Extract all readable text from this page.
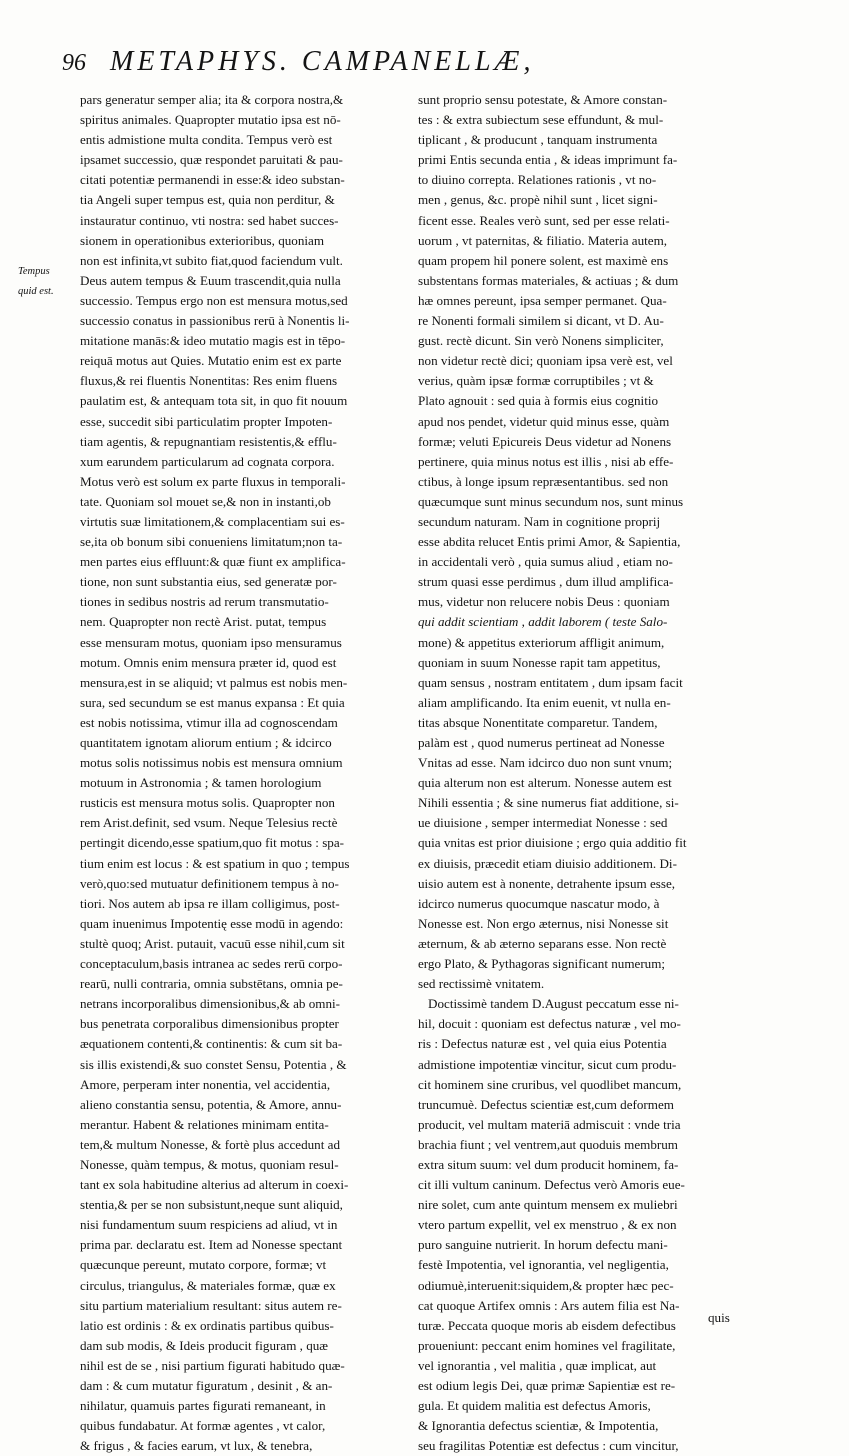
96 METAPHYS. CAMPANELLÆ,
Tempus
quid est.
pars generatur semper alia; ita & corpora nostra,&
spiritus animales. Quapropter mutatio ipsa est nō-
entis admistione multa condita. Tempus verò est
ipsamet successio, quæ respondet paruitati & pau-
citati potentiæ permanendi in esse:& ideo substan-
tia Angeli super tempus est, quia non perditur, &
instauratur continuo, vti nostra: sed habet succes-
sionem in operationibus exterioribus, quoniam
non est infinita,vt subito fiat,quod faciendum vult.
Deus autem tempus & Euum trascendit,quia nulla
successio. Tempus ergo non est mensura motus,sed
successio conatus in passionibus rerū à Nonentis li-
mitatione manās:& ideo mutatio magis est in tēpo-
reiquā motus aut Quies. Mutatio enim est ex parte
fluxus,& rei fluentis Nonentitas: Res enim fluens
paulatim est, & antequam tota sit, in quo fit nouum
esse, succedit sibi particulatim propter Impoten-
tiam agentis, & repugnantiam resistentis,& efflu-
xum earundem particularum ad cognata corpora.
Motus verò est solum ex parte fluxus in temporali-
tate. Quoniam sol mouet se,& non in instanti,ob
virtutis suæ limitationem,& complacentiam sui es-
se,ita ob bonum sibi conueniens limitatum;non ta-
men partes eius effluunt:& quæ fiunt ex amplifica-
tione, non sunt substantia eius, sed generatæ por-
tiones in sedibus nostris ad rerum transmutatio-
nem. Quapropter non rectè Arist. putat, tempus
esse mensuram motus, quoniam ipso mensuramus
motum. Omnis enim mensura præter id, quod est
mensura,est in se aliquid; vt palmus est nobis men-
sura, sed secundum se est manus expansa : Et quia
est nobis notissima, vtimur illa ad cognoscendam
quantitatem ignotam aliorum entium ; & idcirco
motus solis notissimus nobis est mensura omnium
motuum in Astronomia ; & tamen horologium
rusticis est mensura motus solis. Quapropter non
rem Arist.definit, sed vsum. Neque Telesius rectè
pertingit dicendo,esse spatium,quo fit motus : spa-
tium enim est locus : & est spatium in quo ; tempus
verò,quo:sed mutuatur definitionem tempus à no-
tiori. Nos autem ab ipsa re illam colligimus, post-
quam inuenimus Impotentię esse modū in agendo:
stultè quoq; Arist. putauit, vacuū esse nihil,cum sit
conceptaculum,basis intranea ac sedes rerū corpo-
rearū, nulli contraria, omnia substētans, omnia pe-
netrans incorporalibus dimensionibus,& ab omni-
bus penetrata corporalibus dimensionibus propter
æquationem contenti,& continentis: & cum sit ba-
sis illis existendi,& suo constet Sensu, Potentia , &
Amore, perperam inter nonentia, vel accidentia,
alieno constantia sensu, potentia, & Amore, annu-
merantur. Habent & relationes minimam entita-
tem,& multum Nonesse, & fortè plus accedunt ad
Nonesse, quàm tempus, & motus, quoniam resul-
tant ex sola habitudine alterius ad alterum in coexi-
stentia,& per se non subsistunt,neque sunt aliquid,
nisi fundamentum suum respiciens ad aliud, vt in
prima par. declaratu est. Item ad Nonesse spectant
quæcunque pereunt, mutato corpore, formæ; vt
circulus, triangulus, & materiales formæ, quæ ex
situ partium materialium resultant: situs autem re-
latio est ordinis : & ex ordinatis partibus quibus-
dam sub modis, & Ideis producit figuram , quæ
nihil est de se , nisi partium figurati habitudo quæ-
dam : & cum mutatur figuratum , desinit , & an-
nihilatur, quamuis partes figurati remaneant, in
quibus fundabatur. At formæ agentes , vt calor,
& frigus , & facies earum, vt lux, & tenebra,
sunt proprio sensu potestate, & Amore constan-
tes : & extra subiectum sese effundunt, & mul-
tiplicant , & producunt , tanquam instrumenta
primi Entis secunda entia , & ideas imprimunt fa-
to diuino correpta. Relationes rationis , vt no-
men , genus, &c. propè nihil sunt , licet signi-
ficent esse. Reales verò sunt, sed per esse relati-
uorum , vt paternitas, & filiatio. Materia autem,
quam propem hil ponere solent, est maximè ens
substentans formas materiales, & actiuas ; & dum
hæ omnes pereunt, ipsa semper permanet. Qua-
re Nonenti formali similem si dicant, vt D. Au-
gust. rectè dicunt. Sin verò Nonens simpliciter,
non videtur rectè dici; quoniam ipsa verè est, vel
verius, quàm ipsæ formæ corruptibiles ; vt &
Plato agnouit : sed quia à formis eius cognitio
apud nos pendet, videtur quid minus esse, quàm
formæ; veluti Epicureis Deus videtur ad Nonens
pertinere, quia minus notus est illis , nisi ab effe-
ctibus, à longe ipsum repræsentantibus. sed non
quæcumque sunt minus secundum nos, sunt minus
secundum naturam. Nam in cognitione proprij
esse abdita relucet Entis primi Amor, & Sapientia,
in accidentali verò , quia sumus aliud , etiam no-
strum quasi esse perdimus , dum illud amplifica-
mus, videtur non relucere nobis Deus : quoniam
qui addit scientiam , addit laborem ( teste Salo-
mone) & appetitus exteriorum affligit animum,
quoniam in suum Nonesse rapit tam appetitus,
quam sensus , nostram entitatem , dum ipsam facit
aliam amplificando. Ita enim euenit, vt nulla en-
titas absque Nonentitate comparetur. Tandem,
palàm est , quod numerus pertineat ad Nonesse
Vnitas ad esse. Nam idcirco duo non sunt vnum;
quia alterum non est alterum. Nonesse autem est
Nihili essentia ; & sine numerus fiat additione, si-
ue diuisione , semper intermediat Nonesse : sed
quia vnitas est prior diuisione ; ergo quia additio fit
ex diuisis, præcedit etiam diuisio additionem. Di-
uisio autem est à nonente, detrahente ipsum esse,
idcirco numerus quocumque nascatur modo, à
Nonesse est. Non ergo æternus, nisi Nonesse sit
æternum, & ab æterno separans esse. Non rectè
ergo Plato, & Pythagoras significant numerum;
sed rectissimè vnitatem.
Doctissimè tandem D.August peccatum esse ni-
hil, docuit : quoniam est defectus naturæ , vel mo-
ris : Defectus naturæ est , vel quia eius Potentia
admistione impotentiæ vincitur, sicut cum produ-
cit hominem sine cruribus, vel quodlibet mancum,
truncumuè. Defectus scientiæ est,cum deformem
producit, vel multam materiā admiscuit : vnde tria
brachia fiunt ; vel ventrem,aut quoduis membrum
extra situm suum: vel dum producit hominem, fa-
cit illi vultum caninum. Defectus verò Amoris eue-
nire solet, cum ante quintum mensem ex muliebri
vtero partum expellit, vel ex menstruo , & ex non
puro sanguine nutrierit. In horum defectu mani-
festè Impotentia, vel ignorantia, vel negligentia,
odiumuè,interuenit:siquidem,& propter hæc pec-
cat quoque Artifex omnis : Ars autem filia est Na-
turæ. Peccata quoque moris ab eisdem defectibus
proueniunt: peccant enim homines vel fragilitate,
vel ignorantia , vel malitia , quæ implicat, aut
est odium legis Dei, quæ primæ Sapientiæ est re-
gula. Et quidem malitia est defectus Amoris,
& Ignorantia defectus scientiæ, & Impotentia,
seu fragilitas Potentiæ est defectus : cum vincitur,
quis
